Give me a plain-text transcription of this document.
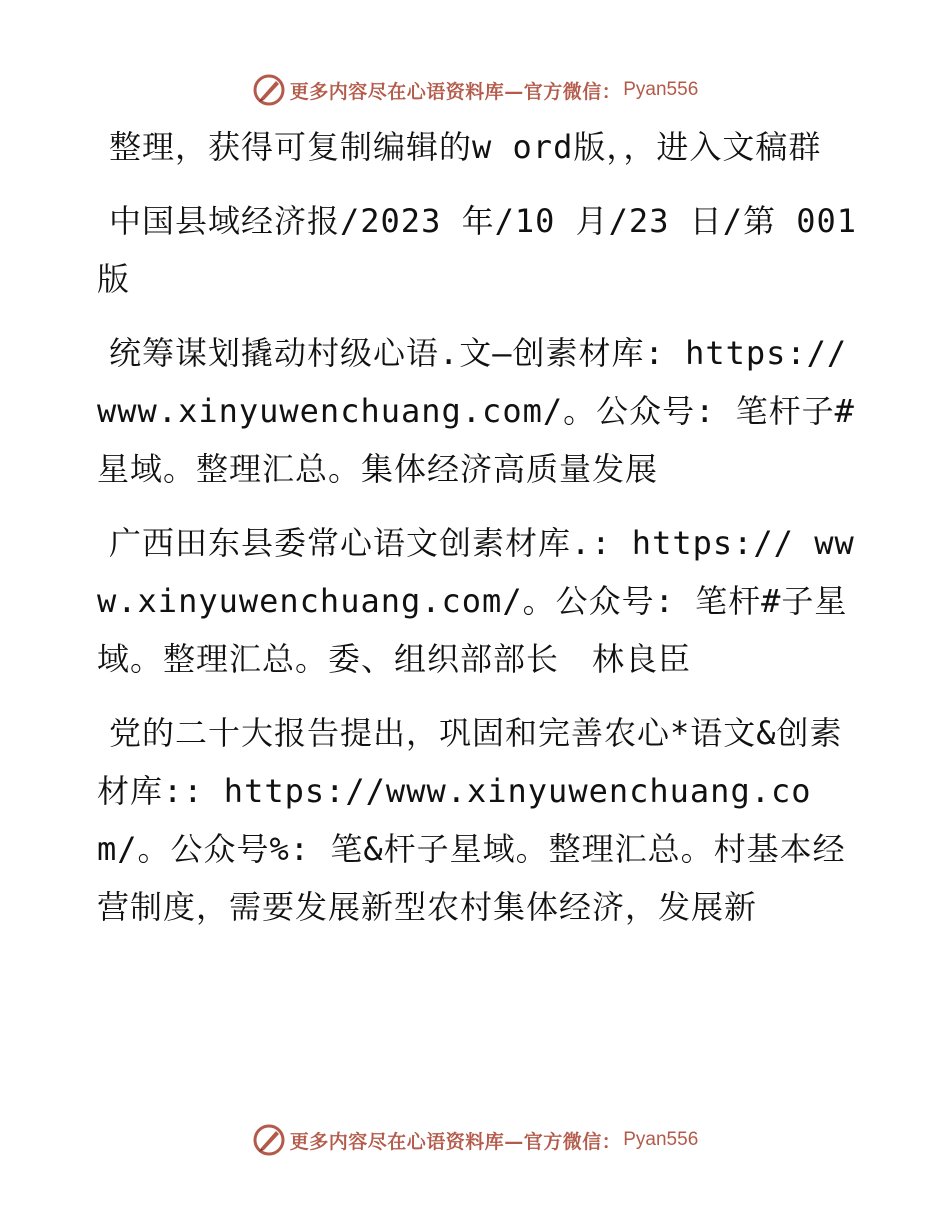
更多内容尽在心语资料库—官方微信： Pyan556

整理，获得可复制编辑的w ord版，，进入文稿群

中国县域经济报/2023 年/10 月/23 日/第 001 版

统筹谋划撬动村级心语.文—创素材库: https://www.xinyuwenchuang.com/。公众号: 笔杆子#星域。整理汇总。集体经济高质量发展

广西田东县委常心语文创素材库.: https:// www.xinyuwenchuang.com/。公众号: 笔杆#子星域。整理汇总。委、组织部部长　林良臣

党的二十大报告提出，巩固和完善农心*语文&创素材库:: https://www.xinyuwenchuang.com/。公众号%: 笔&杆子星域。整理汇总。村基本经营制度，需要发展新型农村集体经济，发展新

更多内容尽在心语资料库—官方微信： Pyan556
